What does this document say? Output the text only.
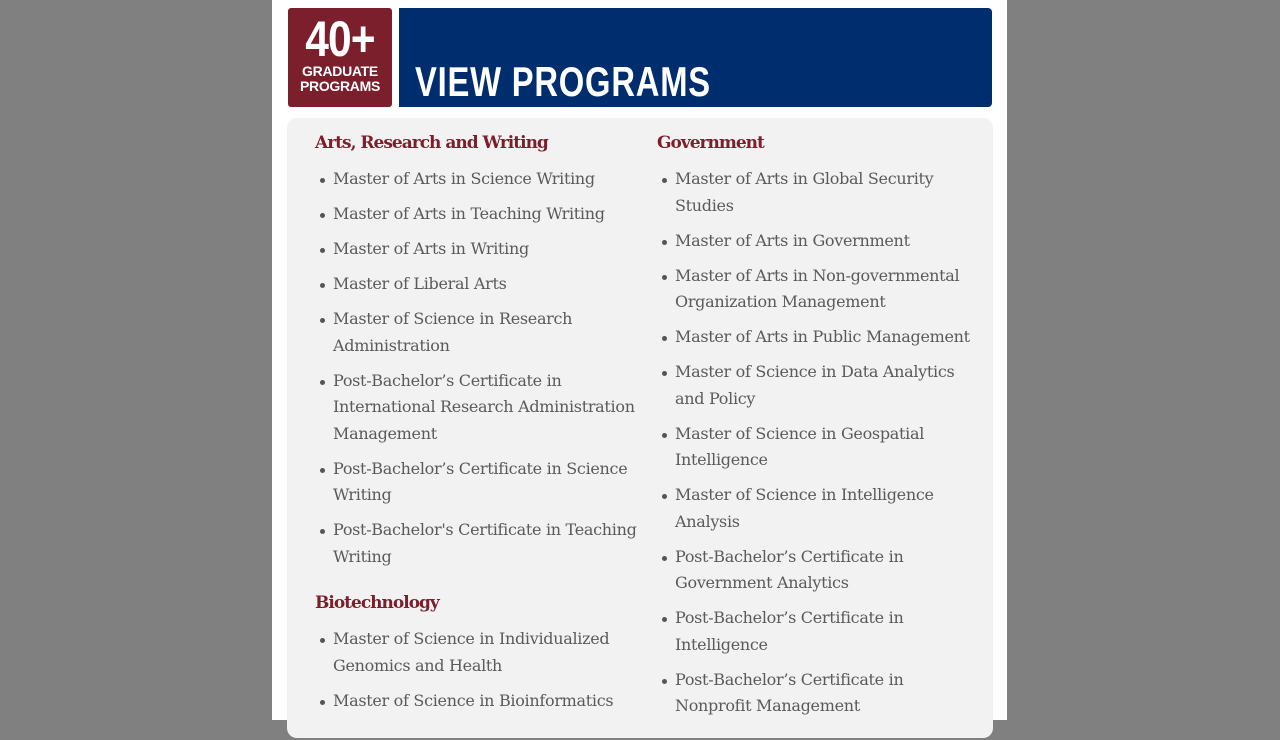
40+
GRADUATE
PROGRAMS VIEW PROGRAMS
Arts, Research and Writing
Master of Arts in Science Writing
Master of Arts in Teaching Writing
Master of Arts in Writing
Master of Liberal Arts
Master of Science in Research Administration
Post-Bachelor’s Certificate in International Research Administration Management
Post-Bachelor’s Certificate in Science Writing
Post-Bachelor's Certificate in Teaching Writing
Biotechnology
Master of Science in Individualized Genomics and Health
Master of Science in Bioinformatics
Government
Master of Arts in Global Security Studies
Master of Arts in Government
Master of Arts in Non-governmental Organization Management
Master of Arts in Public Management
Master of Science in Data Analytics and Policy
Master of Science in Geospatial Intelligence
Master of Science in Intelligence Analysis
Post-Bachelor’s Certificate in Government Analytics
Post-Bachelor’s Certificate in Intelligence
Post-Bachelor’s Certificate in Nonprofit Management
